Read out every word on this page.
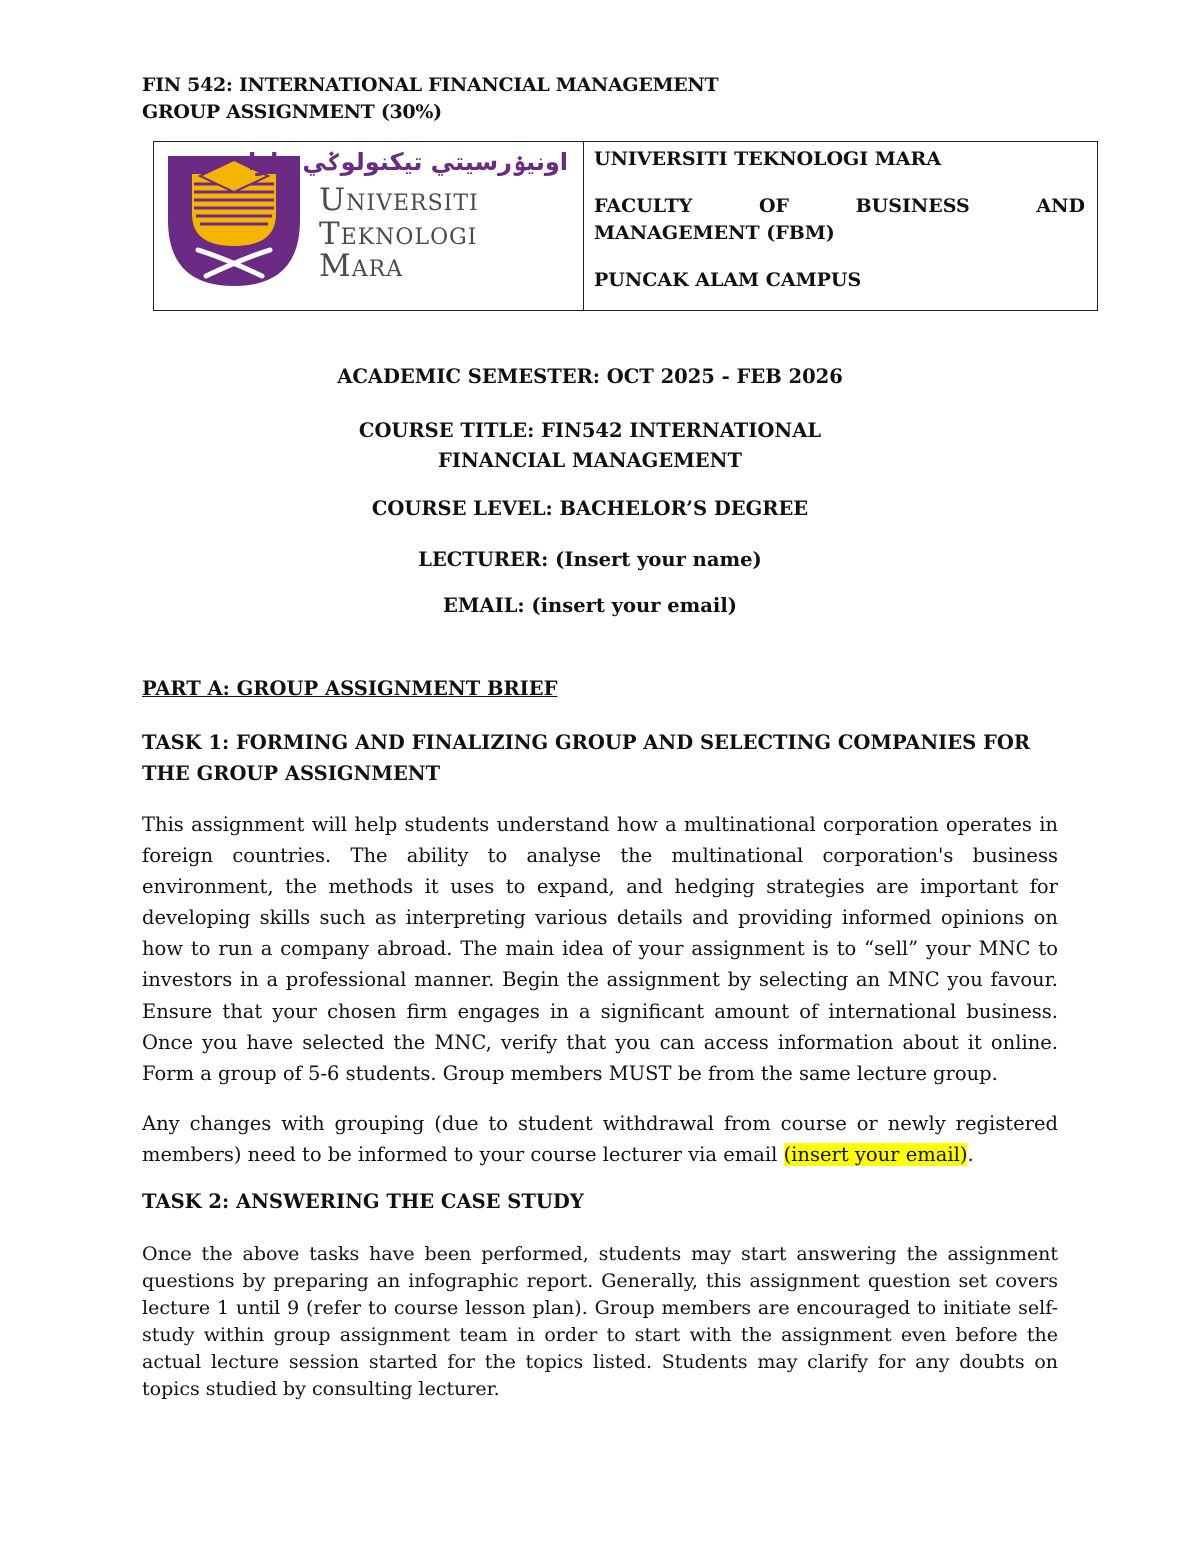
FIN 542: INTERNATIONAL FINANCIAL MANAGEMENT
GROUP ASSIGNMENT (30%)
اونيۏرسيتي تيکنولوݢي مارا
Universiti
Teknologi
Mara

UNIVERSITI TEKNOLOGI MARA

FACULTY	OF	BUSINESS	AND

MANAGEMENT (FBM)

PUNCAK ALAM CAMPUS

ACADEMIC SEMESTER: OCT 2025 - FEB 2026
COURSE TITLE: FIN542 INTERNATIONAL
FINANCIAL MANAGEMENT
COURSE LEVEL: BACHELOR’S DEGREE
LECTURER: (Insert your name)
EMAIL: (insert your email)
PART A: GROUP ASSIGNMENT BRIEF
TASK 1: FORMING AND FINALIZING GROUP AND SELECTING COMPANIES FOR THE GROUP ASSIGNMENT
This assignment will help students understand how a multinational corporation operates in foreign countries. The ability to analyse the multinational corporation's business environment, the methods it uses to expand, and hedging strategies are important for developing skills such as interpreting various details and providing informed opinions on how to run a company abroad. The main idea of your assignment is to “sell” your MNC to investors in a professional manner. Begin the assignment by selecting an MNC you favour. Ensure that your chosen firm engages in a significant amount of international business. Once you have selected the MNC, verify that you can access information about it online. Form a group of 5-6 students. Group members MUST be from the same lecture group.
Any changes with grouping (due to student withdrawal from course or newly registered members) need to be informed to your course lecturer via email (insert your email).
TASK 2: ANSWERING THE CASE STUDY
Once the above tasks have been performed, students may start answering the assignment questions by preparing an infographic report. Generally, this assignment question set covers lecture 1 until 9 (refer to course lesson plan). Group members are encouraged to initiate self-study within group assignment team in order to start with the assignment even before the actual lecture session started for the topics listed. Students may clarify for any doubts on topics studied by consulting lecturer.
